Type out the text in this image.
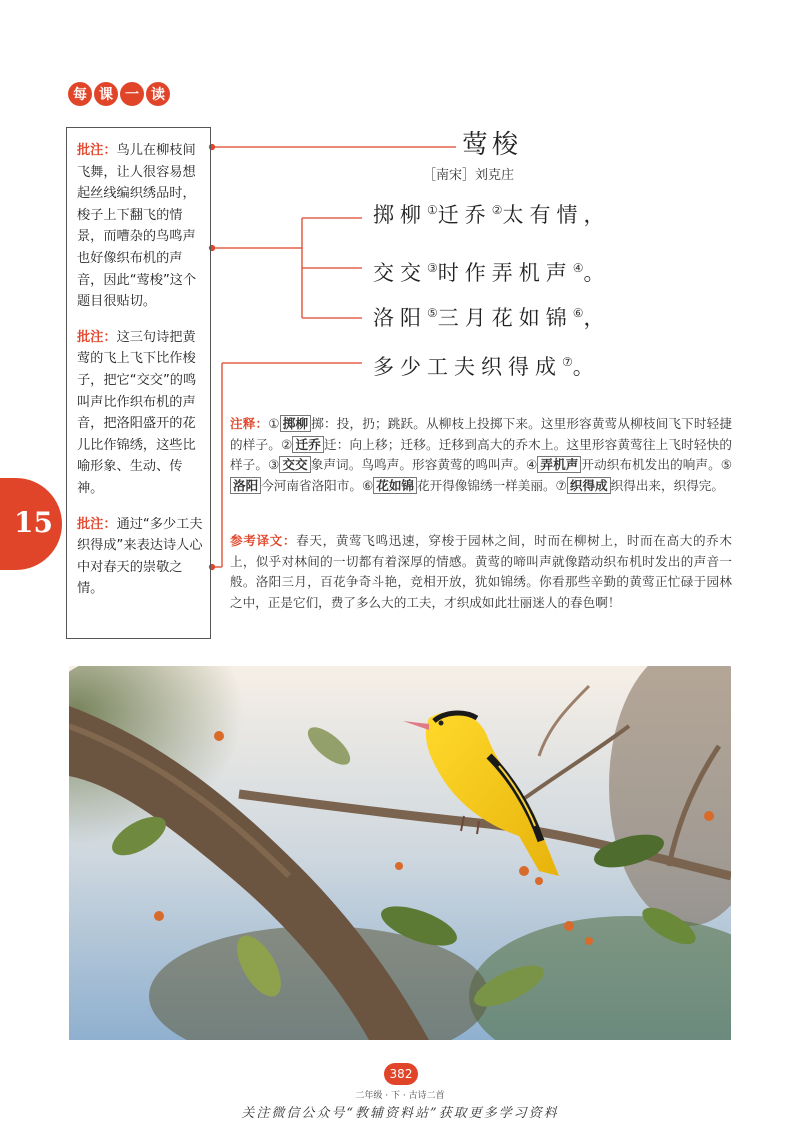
每 课 一 读

批注：鸟儿在柳枝间飞舞，让人很容易想起丝线编织绣品时，梭子上下翻飞的情景，而嘈杂的鸟鸣声也好像织布机的声音，因此“莺梭”这个题目很贴切。

批注：这三句诗把黄莺的飞上飞下比作梭子，把它“交交”的鸣叫声比作织布机的声音，把洛阳盛开的花儿比作锦绣，这些比喻形象、生动、传神。

批注：通过“多少工夫织得成”来表达诗人心中对春天的崇敬之情。

15
莺梭
［南宋］刘克庄
掷柳①迁乔②太有情，
交交③时作弄机声④。
洛阳⑤三月花如锦⑥，
多少工夫织得成⑦。
注释：① 掷柳 掷：投，扔；跳跃。从柳枝上投掷下来。这里形容黄莺从柳枝间飞下时轻捷的样子。② 迁乔 迁：向上移；迁移。迁移到高大的乔木上。这里形容黄莺往上飞时轻快的样子。③ 交交 象声词。鸟鸣声。形容黄莺的鸣叫声。④ 弄机声 开动织布机发出的响声。⑤洛阳 今河南省洛阳市。⑥ 花如锦 花开得像锦绣一样美丽。⑦ 织得成 织得出来，织得完。
参考译文：春天，黄莺飞鸣迅速，穿梭于园林之间，时而在柳树上，时而在高大的乔木上，似乎对林间的一切都有着深厚的情感。黄莺的啼叫声就像踏动织布机时发出的声音一般。洛阳三月，百花争奇斗艳，竞相开放，犹如锦绣。你看那些辛勤的黄莺正忙碌于园林之中，正是它们，费了多么大的工夫，才织成如此壮丽迷人的春色啊！
382
二年级 · 下 · 古诗二首
关注微信公众号“教辅资料站”获取更多学习资料
